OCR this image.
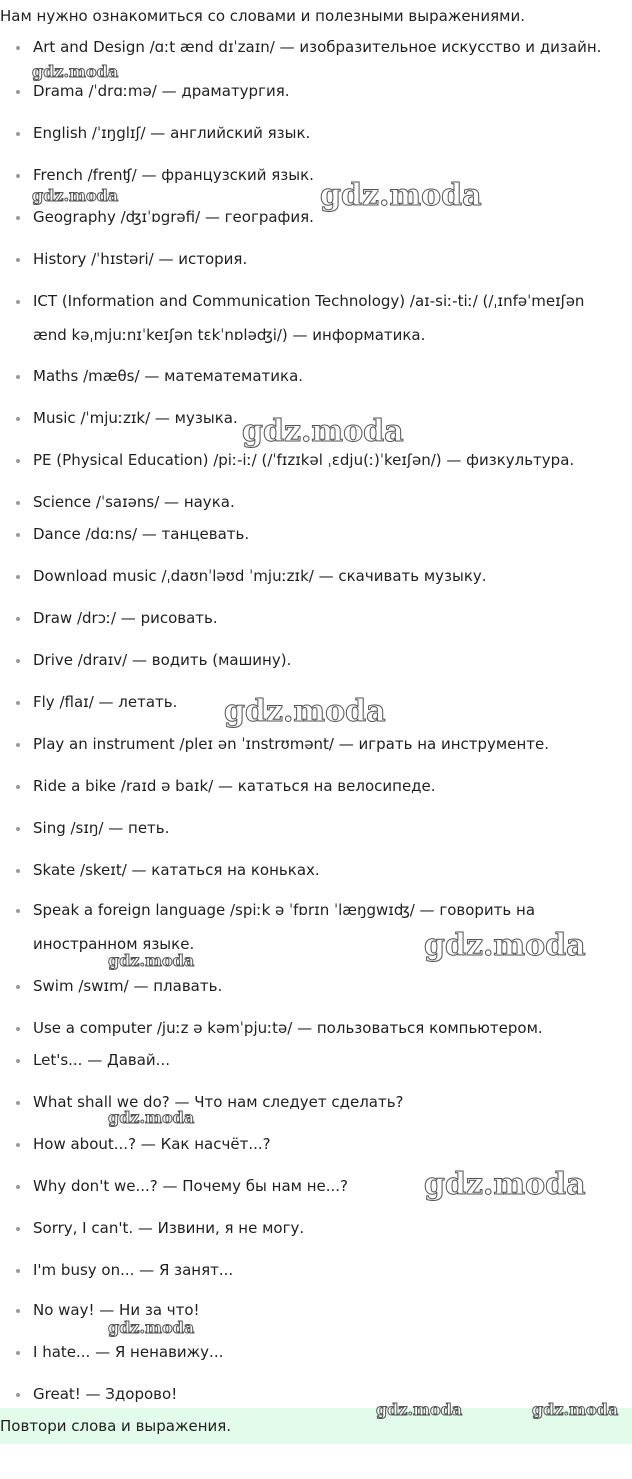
Нам нужно ознакомиться со словами и полезными выражениями.
Art and Design /ɑːt ænd dɪˈzaɪn/ — изобразительное искусство и дизайн.
Drama /ˈdrɑːmə/ — драматургия.
English /ˈɪŋglɪʃ/ — английский язык.
French /frenʧ/ — французский язык.
Geography /ʤɪˈɒgrəfi/ — география.
History /ˈhɪstəri/ — история.
ICT (Information and Communication Technology) /aɪ-siː-tiː/ (/ˌɪnfəˈmeɪʃən ænd kəˌmjuːnɪˈkeɪʃən tɛkˈnɒləʤi/) — информатика.
Maths /mæθs/ — матемaтематика.
Music /ˈmjuːzɪk/ — музыка.
PE (Physical Education) /piː-iː/ (/ˈfɪzɪkəl ˌɛdju(ː)ˈkeɪʃən/) — физкультура.
Science /ˈsaɪəns/ — наука.
Dance /dɑːns/ — танцевать.
Download music /ˌdaʊnˈləʊd ˈmjuːzɪk/ — скачивать музыку.
Draw /drɔː/ — рисовать.
Drive /draɪv/ — водить (машину).
Fly /flaɪ/ — летать.
Play an instrument /pleɪ ən ˈɪnstrʊmənt/ — играть на инструменте.
Ride a bike /raɪd ə baɪk/ — кататься на велосипеде.
Sing /sɪŋ/ — петь.
Skate /skeɪt/ — кататься на коньках.
Speak a foreign language /spiːk ə ˈfɒrɪn ˈlæŋgwɪʤ/ — говорить на иностранном языке.
Swim /swɪm/ — плавать.
Use a computer /juːz ə kəmˈpjuːtə/ — пользоваться компьютером.
Let's... — Давай...
What shall we do? — Что нам следует сделать?
How about...? — Как насчёт...?
Why don't we...? — Почему бы нам не...?
Sorry, I can't. — Извини, я не могу.
I'm busy on... — Я занят...
No way! — Ни за что!
I hate... — Я ненавижу...
Great! — Здорово!
Повтори слова и выражения.
gdz.moda
gdz.moda	gdz.moda
gdz.moda
gdz.moda
gdz.moda
gdz.moda
gdz.moda
gdz.moda
gdz.moda
gdz.moda	gdz.moda
